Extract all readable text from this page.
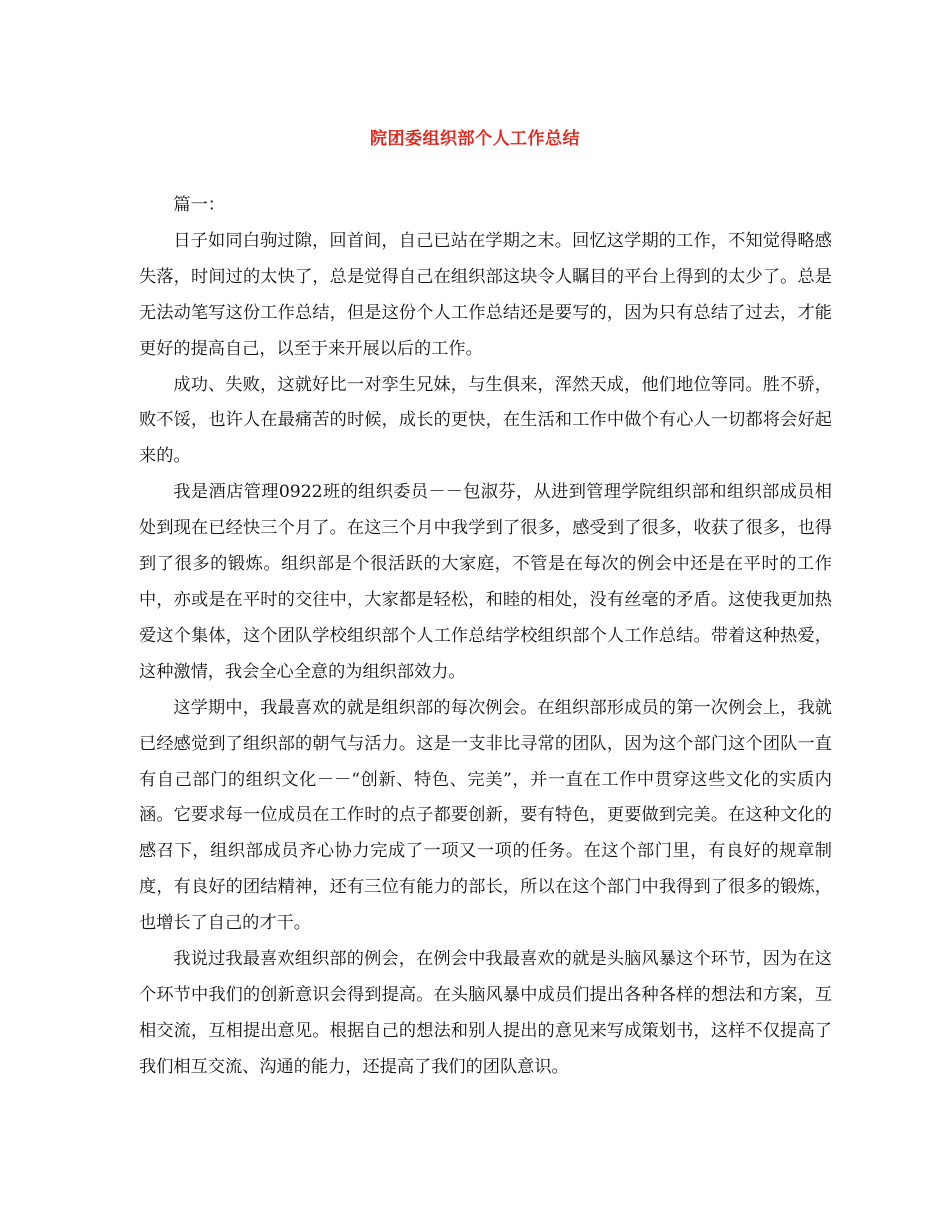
院团委组织部个人工作总结

篇一：

日子如同白驹过隙，回首间，自己已站在学期之末。回忆这学期的工作，不知觉得略感失落，时间过的太快了，总是觉得自己在组织部这块令人瞩目的平台上得到的太少了。总是无法动笔写这份工作总结，但是这份个人工作总结还是要写的，因为只有总结了过去，才能更好的提高自己，以至于来开展以后的工作。

成功、失败，这就好比一对孪生兄妹，与生俱来，浑然天成，他们地位等同。胜不骄，败不馁，也许人在最痛苦的时候，成长的更快，在生活和工作中做个有心人一切都将会好起来的。

我是酒店管理0922班的组织委员－－包淑芬，从进到管理学院组织部和组织部成员相处到现在已经快三个月了。在这三个月中我学到了很多，感受到了很多，收获了很多，也得到了很多的锻炼。组织部是个很活跃的大家庭，不管是在每次的例会中还是在平时的工作中，亦或是在平时的交往中，大家都是轻松，和睦的相处，没有丝毫的矛盾。这使我更加热爱这个集体，这个团队学校组织部个人工作总结学校组织部个人工作总结。带着这种热爱，这种激情，我会全心全意的为组织部效力。

这学期中，我最喜欢的就是组织部的每次例会。在组织部形成员的第一次例会上，我就已经感觉到了组织部的朝气与活力。这是一支非比寻常的团队，因为这个部门这个团队一直有自己部门的组织文化－－“创新、特色、完美”，并一直在工作中贯穿这些文化的实质内涵。它要求每一位成员在工作时的点子都要创新，要有特色，更要做到完美。在这种文化的感召下，组织部成员齐心协力完成了一项又一项的任务。在这个部门里，有良好的规章制度，有良好的团结精神，还有三位有能力的部长，所以在这个部门中我得到了很多的锻炼，也增长了自己的才干。

我说过我最喜欢组织部的例会，在例会中我最喜欢的就是头脑风暴这个环节，因为在这个环节中我们的创新意识会得到提高。在头脑风暴中成员们提出各种各样的想法和方案，互相交流，互相提出意见。根据自己的想法和别人提出的意见来写成策划书，这样不仅提高了我们相互交流、沟通的能力，还提高了我们的团队意识。
